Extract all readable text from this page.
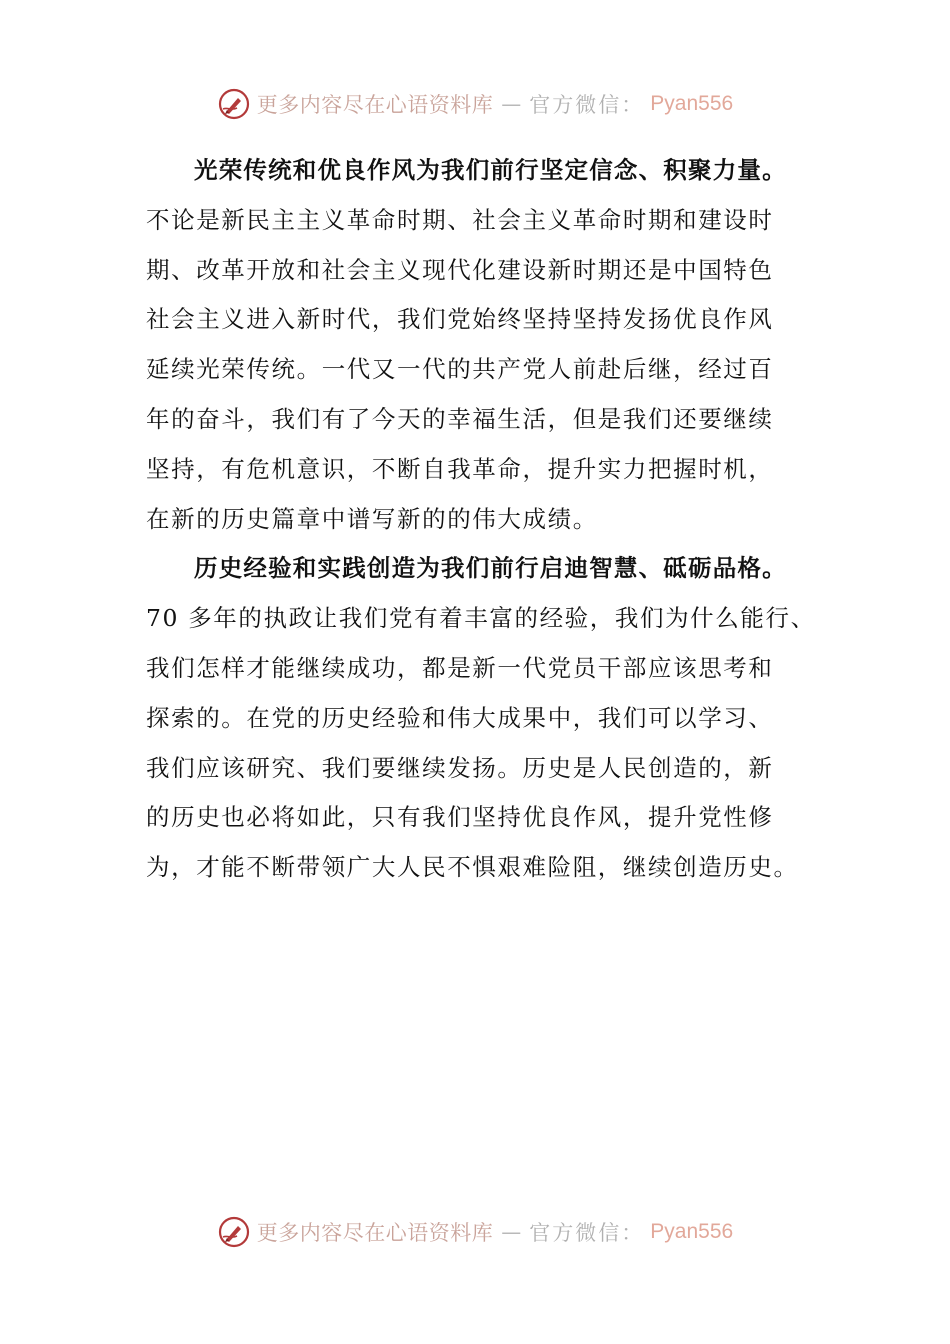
更多内容尽在心语资料库 — 官方微信： Pyan556

光荣传统和优良作风为我们前行坚定信念、积聚力量。
不论是新民主主义革命时期、社会主义革命时期和建设时
期、改革开放和社会主义现代化建设新时期还是中国特色
社会主义进入新时代，我们党始终坚持坚持发扬优良作风
延续光荣传统。一代又一代的共产党人前赴后继，经过百
年的奋斗，我们有了今天的幸福生活，但是我们还要继续
坚持，有危机意识，不断自我革命，提升实力把握时机，
在新的历史篇章中谱写新的的伟大成绩。

历史经验和实践创造为我们前行启迪智慧、砥砺品格。
70 多年的执政让我们党有着丰富的经验，我们为什么能行、
我们怎样才能继续成功，都是新一代党员干部应该思考和
探索的。在党的历史经验和伟大成果中，我们可以学习、
我们应该研究、我们要继续发扬。历史是人民创造的，新
的历史也必将如此，只有我们坚持优良作风，提升党性修
为，才能不断带领广大人民不惧艰难险阻，继续创造历史。

更多内容尽在心语资料库 — 官方微信： Pyan556
